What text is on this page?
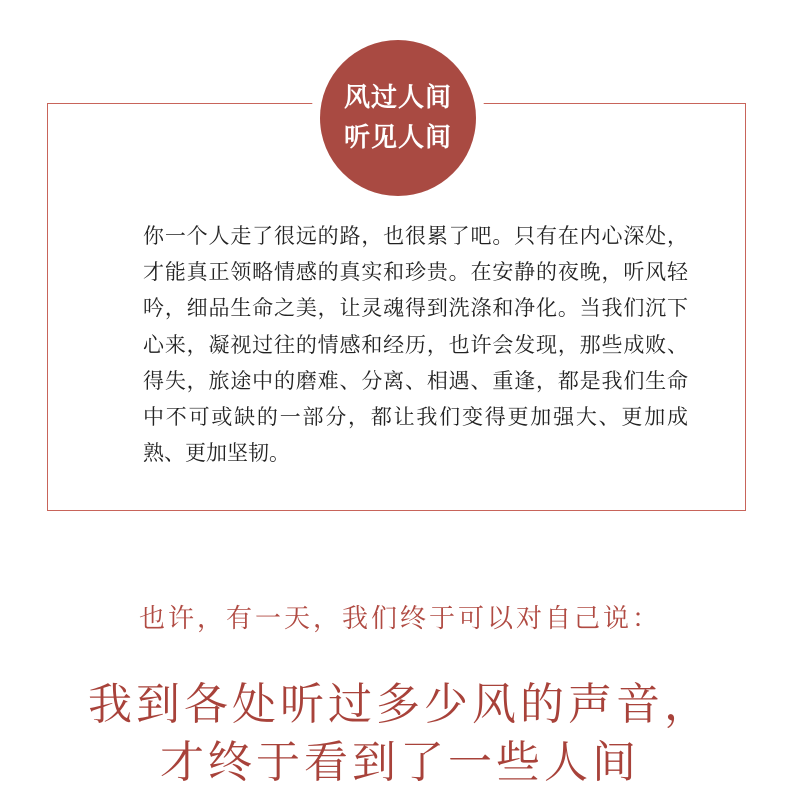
风过人间
听见人间
你一个人走了很远的路，也很累了吧。只有在内心深处，才能真正领略情感的真实和珍贵。在安静的夜晚，听风轻吟，细品生命之美，让灵魂得到洗涤和净化。当我们沉下心来，凝视过往的情感和经历，也许会发现，那些成败、得失，旅途中的磨难、分离、相遇、重逢，都是我们生命中不可或缺的一部分，都让我们变得更加强大、更加成熟、更加坚韧。
也许，有一天，我们终于可以对自己说：
我到各处听过多少风的声音，
才终于看到了一些人间
